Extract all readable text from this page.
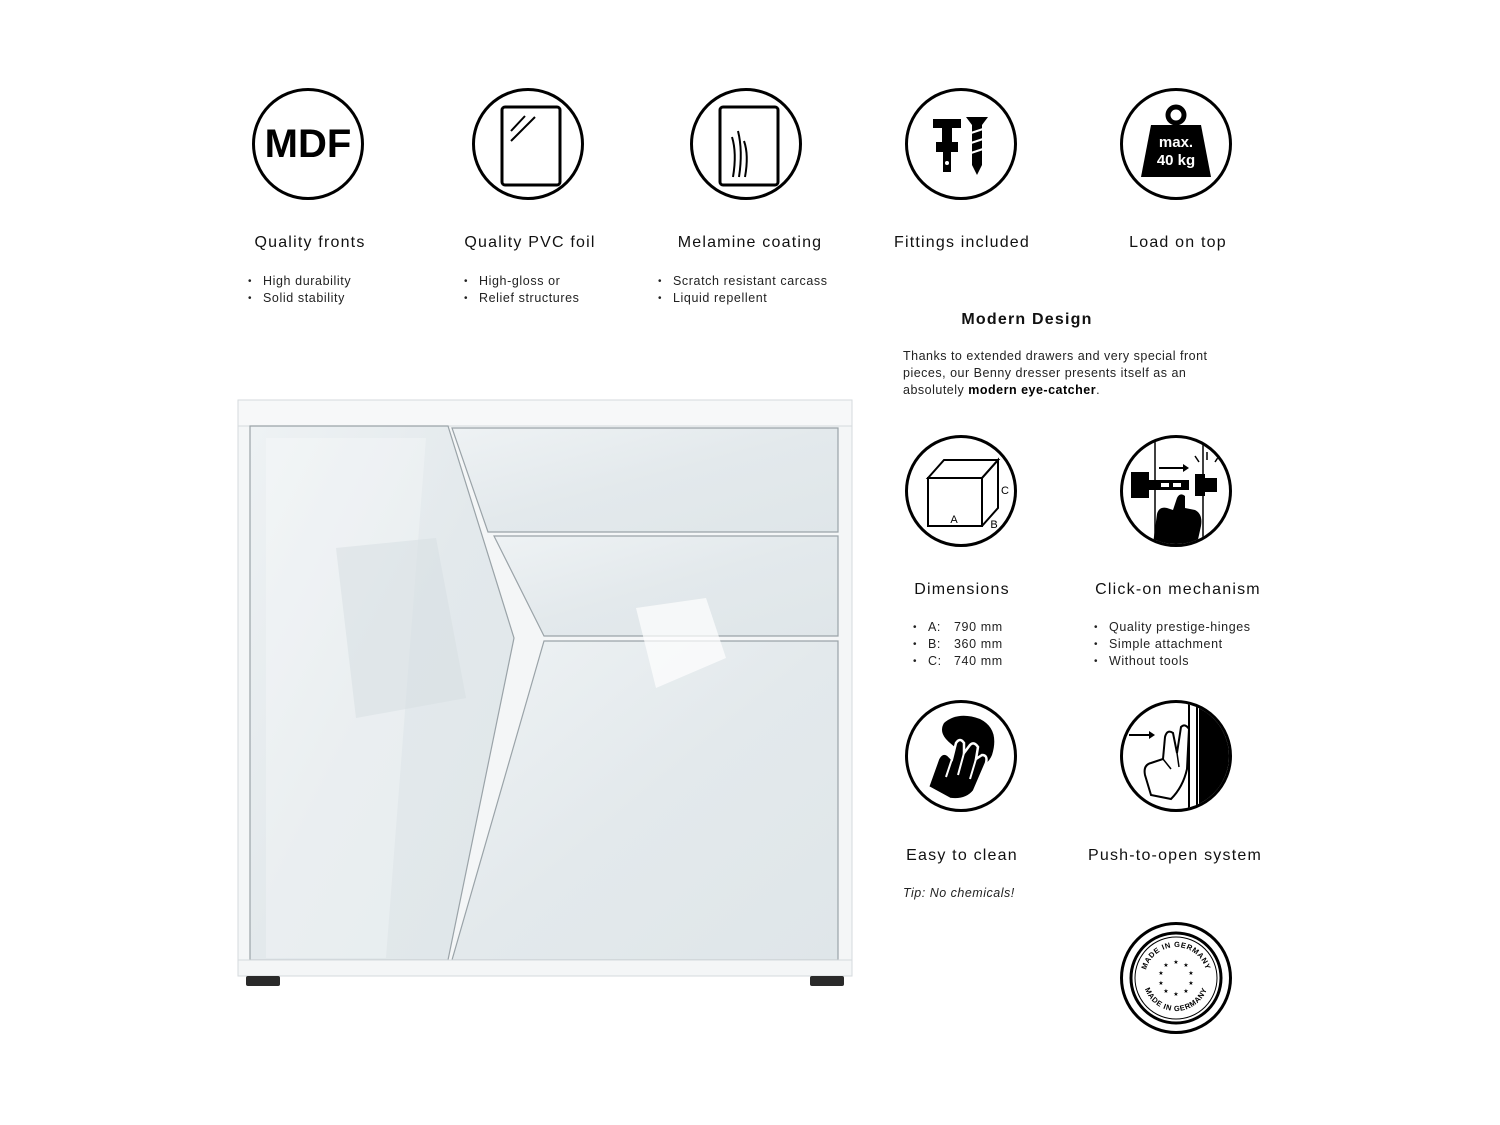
MDF	max.
40 kg
Quality fronts	Quality PVC foil	Melamine coating	Fittings included	Load on top
• High durability
• Solid stability
• High-gloss or
• Relief structures
• Scratch resistant carcass
• Liquid repellent
Modern Design
Thanks to extended drawers and very special front pieces, our Benny dresser presents itself as an absolutely modern eye-catcher.
A	B
C
Dimensions
• A: 790 mm
• B: 360 mm
• C: 740 mm
Click-on mechanism
• Quality prestige-hinges
• Simple attachment
• Without tools
Easy to clean
Tip: No chemicals!
Push-to-open system
MADE IN GERMANY
MADE IN GERMANY
★ ★
★
★
★
★
★
★
★
★
